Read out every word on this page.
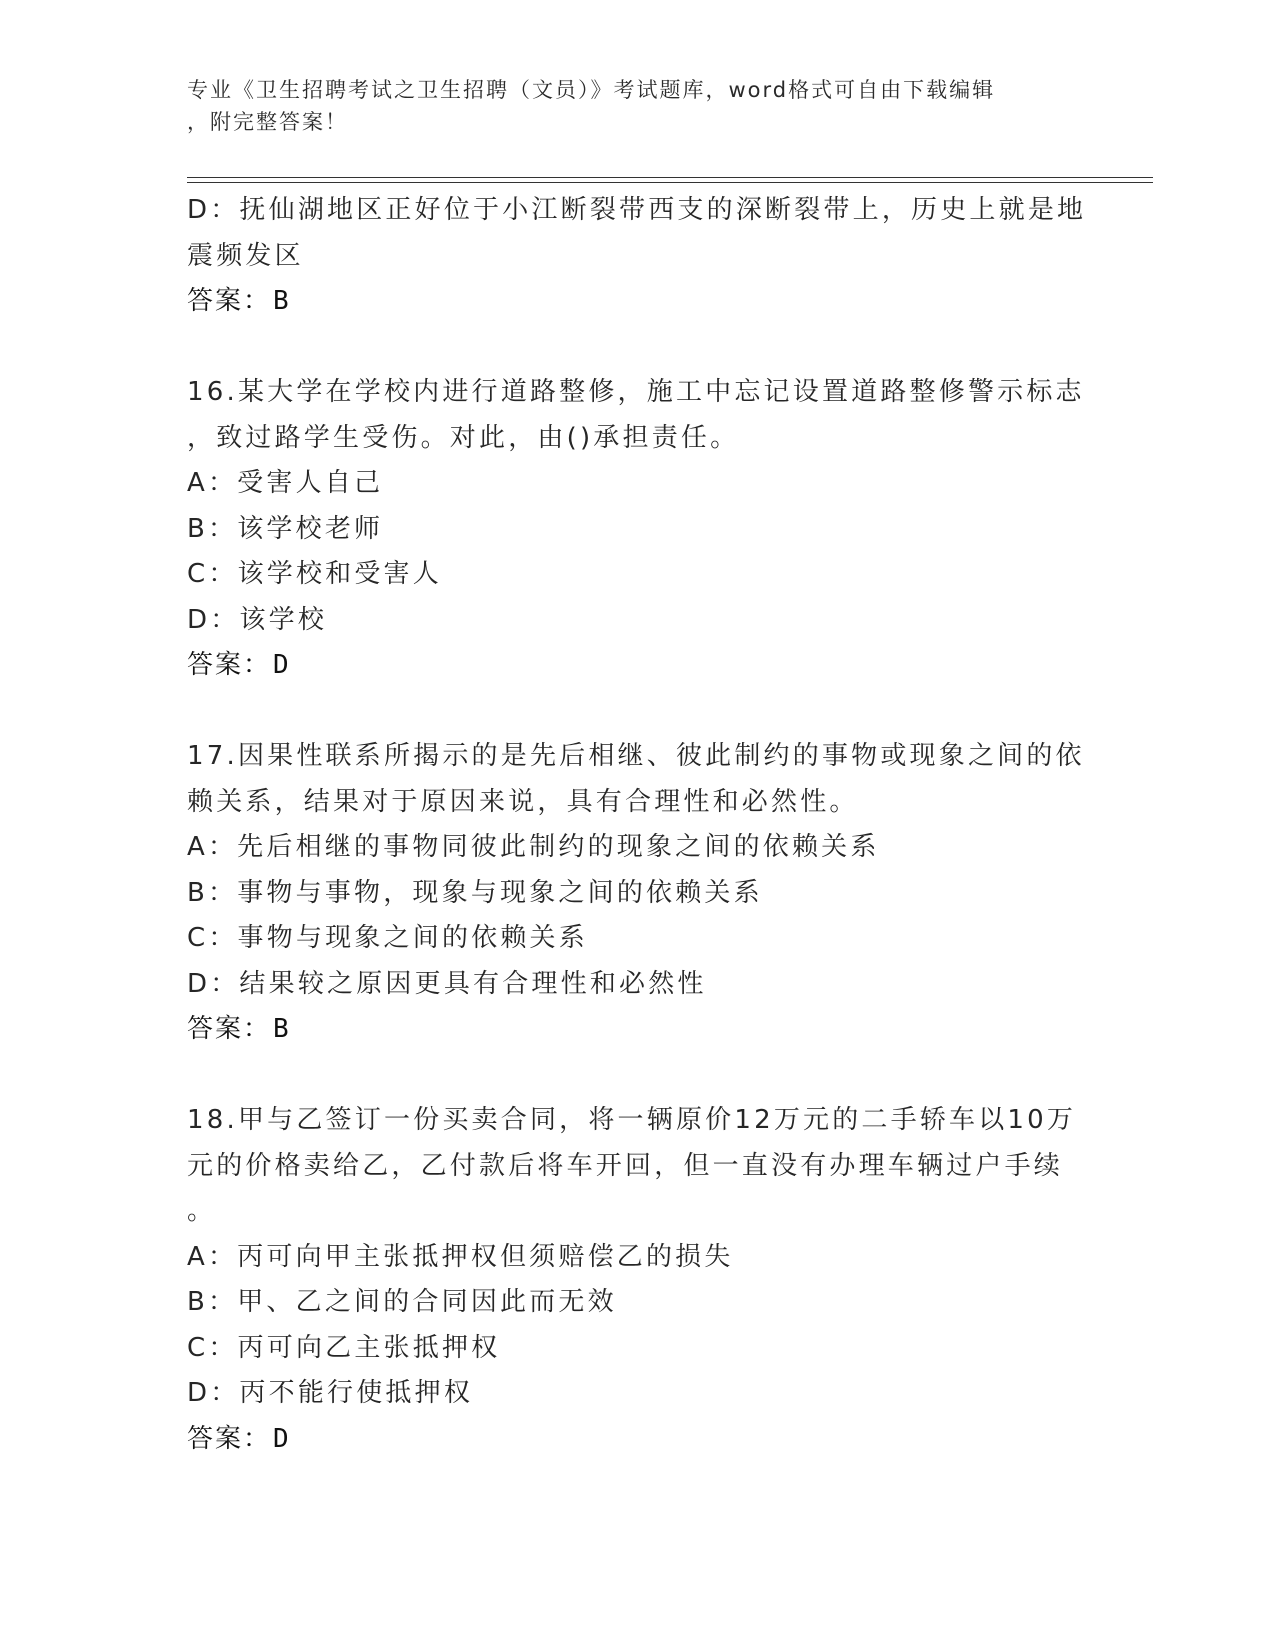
专业《卫生招聘考试之卫生招聘（文员）》考试题库，word格式可自由下载编辑
，附完整答案！
D：抚仙湖地区正好位于小江断裂带西支的深断裂带上，历史上就是地
震频发区
答案：B
16.某大学在学校内进行道路整修，施工中忘记设置道路整修警示标志
，致过路学生受伤。对此，由()承担责任。
A：受害人自己
B：该学校老师
C：该学校和受害人
D：该学校
答案：D
17.因果性联系所揭示的是先后相继、彼此制约的事物或现象之间的依
赖关系，结果对于原因来说，具有合理性和必然性。
A：先后相继的事物同彼此制约的现象之间的依赖关系
B：事物与事物，现象与现象之间的依赖关系
C：事物与现象之间的依赖关系
D：结果较之原因更具有合理性和必然性
答案：B
18.甲与乙签订一份买卖合同，将一辆原价12万元的二手轿车以10万
元的价格卖给乙，乙付款后将车开回，但一直没有办理车辆过户手续
。
A：丙可向甲主张抵押权但须赔偿乙的损失
B：甲、乙之间的合同因此而无效
C：丙可向乙主张抵押权
D：丙不能行使抵押权
答案：D
